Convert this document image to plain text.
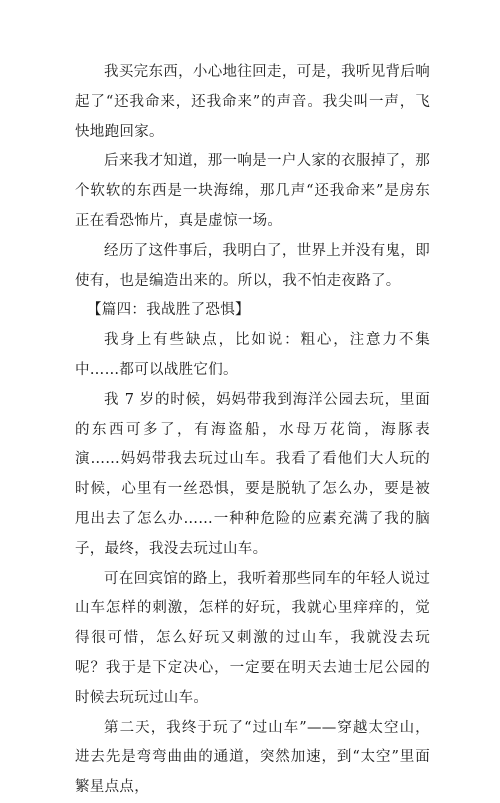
我买完东西，小心地往回走，可是，我听见背后响起了“还我命来，还我命来”的声音。我尖叫一声，飞快地跑回家。

后来我才知道，那一响是一户人家的衣服掉了，那个软软的东西是一块海绵，那几声“还我命来”是房东正在看恐怖片，真是虚惊一场。

经历了这件事后，我明白了，世界上并没有鬼，即使有，也是编造出来的。所以，我不怕走夜路了。

【篇四：我战胜了恐惧】

我身上有些缺点，比如说：粗心，注意力不集中……都可以战胜它们。

我 7 岁的时候，妈妈带我到海洋公园去玩，里面的东西可多了，有海盗船，水母万花筒，海豚表演……妈妈带我去玩过山车。我看了看他们大人玩的时候，心里有一丝恐惧，要是脱轨了怎么办，要是被甩出去了怎么办……一种种危险的应素充满了我的脑子，最终，我没去玩过山车。

可在回宾馆的路上，我听着那些同车的年轻人说过山车怎样的刺激，怎样的好玩，我就心里痒痒的，觉得很可惜，怎么好玩又刺激的过山车，我就没去玩呢？我于是下定决心，一定要在明天去迪士尼公园的时候去玩玩过山车。

第二天，我终于玩了“过山车”——穿越太空山，进去先是弯弯曲曲的通道，突然加速，到“太空”里面繁星点点，
